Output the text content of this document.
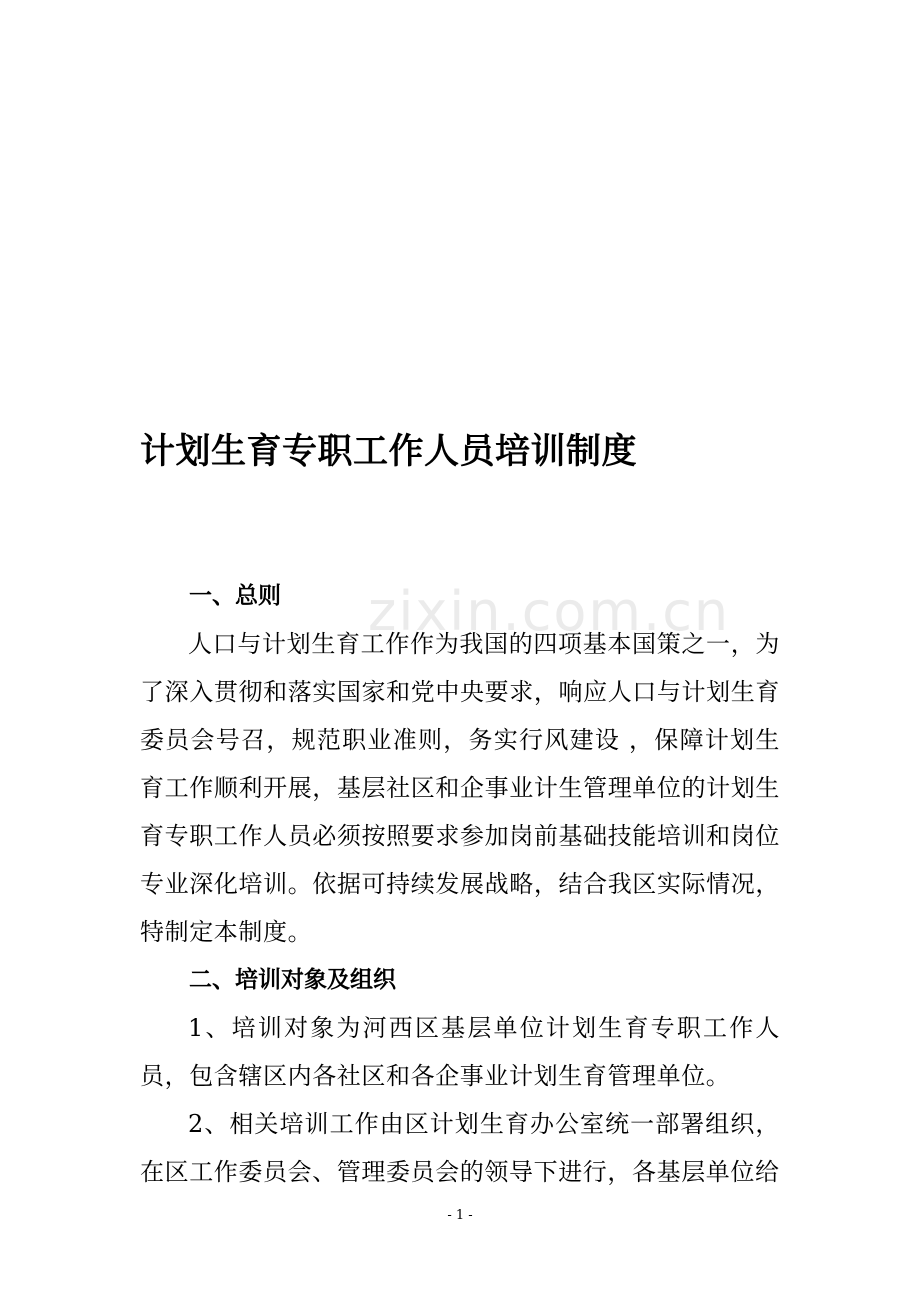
zixin.com.cn
计划生育专职工作人员培训制度
一、总则

人口与计划生育工作作为我国的四项基本国策之一，为了深入贯彻和落实国家和党中央要求，响应人口与计划生育委员会号召，规范职业准则，务实行风建设 ，保障计划生育工作顺利开展，基层社区和企事业计生管理单位的计划生育专职工作人员必须按照要求参加岗前基础技能培训和岗位专业深化培训。依据可持续发展战略，结合我区实际情况，特制定本制度。

二、培训对象及组织

1、培训对象为河西区基层单位计划生育专职工作人员，包含辖区内各社区和各企事业计划生育管理单位。

2、相关培训工作由区计划生育办公室统一部署组织，在区工作委员会、管理委员会的领导下进行，各基层单位给

- 1 -
